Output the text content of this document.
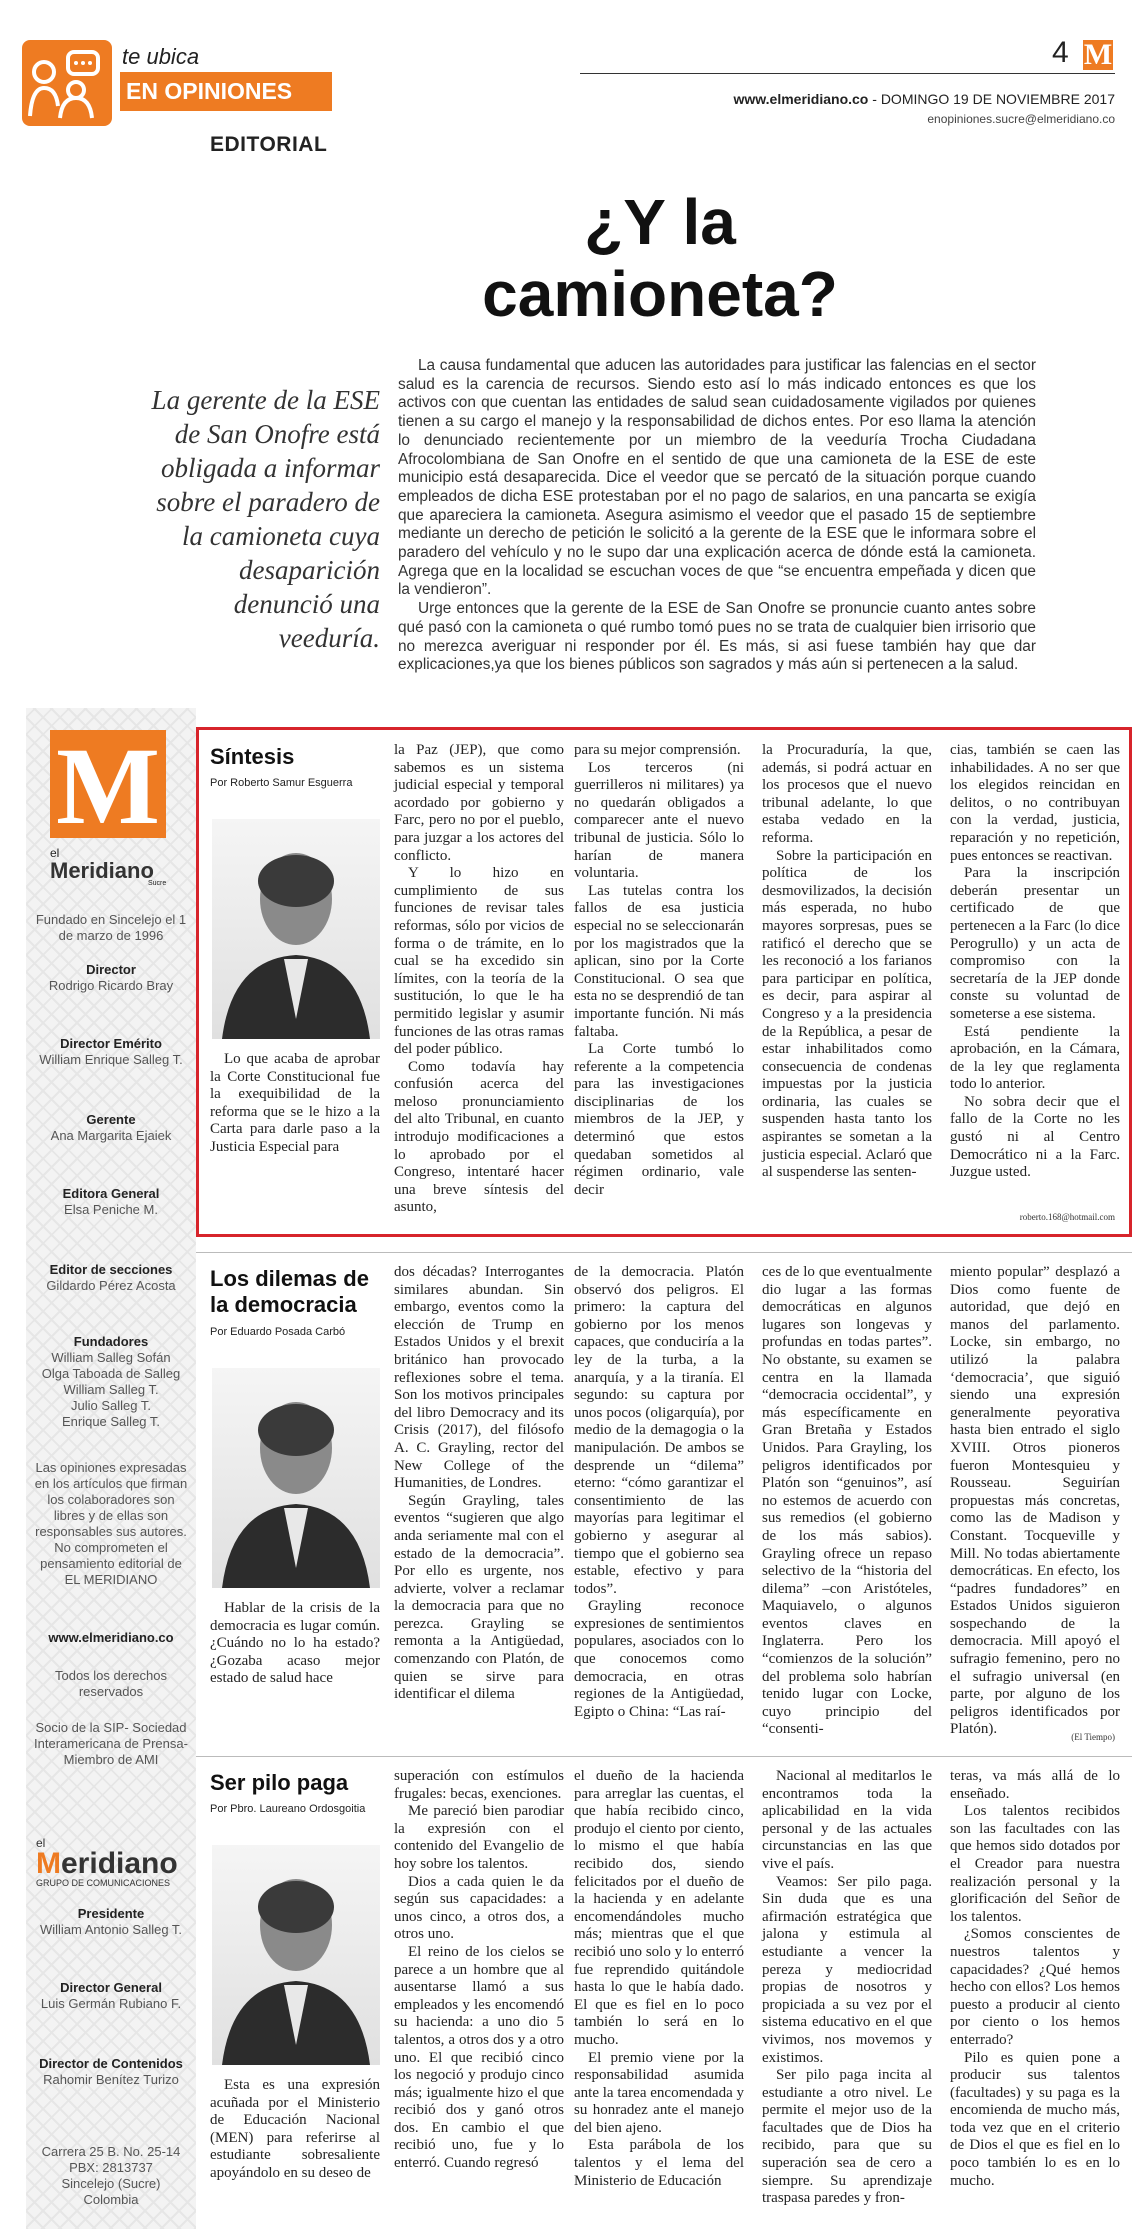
te ubica
EN OPINIONES
EDITORIAL
4 M
www.elmeridiano.co - DOMINGO 19 DE NOVIEMBRE 2017
enopiniones.sucre@elmeridiano.co
¿Y la
camioneta?
La gerente de la ESE de San Onofre está obligada a informar sobre el paradero de la camioneta cuya desaparición denunció una veeduría.

La causa fundamental que aducen las autoridades para justificar las falencias en el sector salud es la carencia de recursos. Siendo esto así lo más indicado entonces es que los activos con que cuentan las entidades de salud sean cuidadosamente vigilados por quienes tienen a su cargo el manejo y la responsabilidad de dichos entes. Por eso llama la atención lo denunciado recientemente por un miembro de la veeduría Trocha Ciudadana Afrocolombiana de San Onofre en el sentido de que una camioneta de la ESE de este municipio está desaparecida. Dice el veedor que se percató de la situación porque cuando empleados de dicha ESE protestaban por el no pago de salarios, en una pancarta se exigía que apareciera la camioneta. Asegura asimismo el veedor que el pasado 15 de septiembre mediante un derecho de petición le solicitó a la gerente de la ESE que le informara sobre el paradero del vehículo y no le supo dar una explicación acerca de dónde está la camioneta. Agrega que en la localidad se escuchan voces de que “se encuentra empeñada y dicen que la vendieron”.

Urge entonces que la gerente de la ESE de San Onofre se pronuncie cuanto antes sobre qué pasó con la camioneta o qué rumbo tomó pues no se trata de cualquier bien irrisorio que no merezca averiguar ni responder por él. Es más, si asi fuese también hay que dar explicaciones,ya que los bienes públicos son sagrados y más aún si pertenecen a la salud.

M
el
Meridiano
Sucre
Fundado en Sincelejo el 1 de marzo de 1996
Director
Rodrigo Ricardo Bray
Director Emérito
William Enrique Salleg T.
Gerente
Ana Margarita Ejaiek
Editora General
Elsa Peniche M.
Editor de secciones
Gildardo Pérez Acosta
Fundadores
William Salleg Sofán
Olga Taboada de Salleg
William Salleg T.
Julio Salleg T.
Enrique Salleg T.
Las opiniones expresadas en los artículos que firman los colaboradores son libres y de ellas son responsables sus autores. No comprometen el pensamiento editorial de EL MERIDIANO
www.elmeridiano.co
Todos los derechos reservados
Socio de la SIP- Sociedad Interamericana de Prensa- Miembro de AMI
el
Meridiano
GRUPO DE COMUNICACIONES
Presidente
William Antonio Salleg T.
Director General
Luis Germán Rubiano F.
Director de Contenidos
Rahomir Benítez Turizo
Carrera 25 B. No. 25-14
PBX: 2813737
Sincelejo (Sucre)
Colombia
Síntesis
Por Roberto Samur Esguerra

Lo que acaba de aprobar la Corte Constitucional fue la exequibilidad de la reforma que se le hizo a la Carta para darle paso a la Justicia Especial para

la Paz (JEP), que como sabemos es un sistema judicial especial y temporal acordado por gobierno y Farc, pero no por el pueblo, para juzgar a los actores del conflicto.

Y lo hizo en cumplimiento de sus funciones de revisar tales reformas, sólo por vicios de forma o de trámite, en lo cual se ha excedido sin límites, con la teoría de la sustitución, lo que le ha permitido legislar y asumir funciones de las otras ramas del poder público.

Como todavía hay confusión acerca del meloso pronunciamiento del alto Tribunal, en cuanto introdujo modificaciones a lo aprobado por el Congreso, intentaré hacer una breve síntesis del asunto,

para su mejor comprensión.

Los terceros (ni guerrilleros ni militares) ya no quedarán obligados a comparecer ante el nuevo tribunal de justicia. Sólo lo harían de manera voluntaria.

Las tutelas contra los fallos de esa justicia especial no se seleccionarán por los magistrados que la aplican, sino por la Corte Constitucional. O sea que esta no se desprendió de tan importante función. Ni más faltaba.

La Corte tumbó lo referente a la competencia para las investigaciones disciplinarias de los miembros de la JEP, y determinó que estos quedaban sometidos al régimen ordinario, vale decir

la Procuraduría, la que, además, si podrá actuar en los procesos que el nuevo tribunal adelante, lo que estaba vedado en la reforma.

Sobre la participación en política de los desmovilizados, la decisión más esperada, no hubo mayores sorpresas, pues se ratificó el derecho que se les reconoció a los farianos para participar en política, es decir, para aspirar al Congreso y a la presidencia de la República, a pesar de estar inhabilitados como consecuencia de condenas impuestas por la justicia ordinaria, las cuales se suspenden hasta tanto los aspirantes se sometan a la justicia especial. Aclaró que al suspenderse las senten-

cias, también se caen las inhabilidades. A no ser que los elegidos reincidan en delitos, o no contribuyan con la verdad, justicia, reparación y no repetición, pues entonces se reactivan.

Para la inscripción deberán presentar un certificado de que pertenecen a la Farc (lo dice Perogrullo) y un acta de compromiso con la secretaría de la JEP donde conste su voluntad de someterse a ese sistema.

Está pendiente la aprobación, en la Cámara, de la ley que reglamenta todo lo anterior.

No sobra decir que el fallo de la Corte no les gustó ni al Centro Democrático ni a la Farc. Juzgue usted.

roberto.168@hotmail.com
Los dilemas de la democracia
Por Eduardo Posada Carbó

Hablar de la crisis de la democracia es lugar común. ¿Cuándo no lo ha estado? ¿Gozaba acaso mejor estado de salud hace

dos décadas? Interrogantes similares abundan. Sin embargo, eventos como la elección de Trump en Estados Unidos y el brexit británico han provocado reflexiones sobre el tema. Son los motivos principales del libro Democracy and its Crisis (2017), del filósofo A. C. Grayling, rector del New College of the Humanities, de Londres.

Según Grayling, tales eventos “sugieren que algo anda seriamente mal con el estado de la democracia”. Por ello es urgente, nos advierte, volver a reclamar la democracia para que no perezca. Grayling se remonta a la Antigüedad, comenzando con Platón, de quien se sirve para identificar el dilema

de la democracia. Platón observó dos peligros. El primero: la captura del gobierno por los menos capaces, que conduciría a la ley de la turba, a la anarquía, y a la tiranía. El segundo: su captura por unos pocos (oligarquía), por medio de la demagogia o la manipulación. De ambos se desprende un “dilema” eterno: “cómo garantizar el consentimiento de las mayorías para legitimar el gobierno y asegurar al tiempo que el gobierno sea estable, efectivo y para todos”.

Grayling reconoce expresiones de sentimientos populares, asociados con lo que conocemos como democracia, en otras regiones de la Antigüedad, Egipto o China: “Las raí-

ces de lo que eventualmente dio lugar a las formas democráticas en algunos lugares son longevas y profundas en todas partes”. No obstante, su examen se centra en la llamada “democracia occidental”, y más específicamente en Gran Bretaña y Estados Unidos. Para Grayling, los peligros identificados por Platón son “genuinos”, así no estemos de acuerdo con sus remedios (el gobierno de los más sabios). Grayling ofrece un repaso selectivo de la “historia del dilema” –con Aristóteles, Maquiavelo, o algunos eventos claves en Inglaterra. Pero los “comienzos de la solución” del problema solo habrían tenido lugar con Locke, cuyo principio del “consenti-

miento popular” desplazó a Dios como fuente de autoridad, que dejó en manos del parlamento. Locke, sin embargo, no utilizó la palabra ‘democracia’, que siguió siendo una expresión generalmente peyorativa hasta bien entrado el siglo XVIII. Otros pioneros fueron Montesquieu y Rousseau. Seguirían propuestas más concretas, como las de Madison y Constant. Tocqueville y Mill. No todas abiertamente democráticas. En efecto, los “padres fundadores” en Estados Unidos siguieron sospechando de la democracia. Mill apoyó el sufragio femenino, pero no el sufragio universal (en parte, por alguno de los peligros identificados por Platón).	(El Tiempo)
Ser pilo paga
Por Pbro. Laureano Ordosgoitia

Esta es una expresión acuñada por el Ministerio de Educación Nacional (MEN) para referirse al estudiante sobresaliente apoyándolo en su deseo de

superación con estímulos frugales: becas, exenciones.

Me pareció bien parodiar la expresión con el contenido del Evangelio de hoy sobre los talentos.

Dios a cada quien le da según sus capacidades: a unos cinco, a otros dos, a otros uno.

El reino de los cielos se parece a un hombre que al ausentarse llamó a sus empleados y les encomendó su hacienda: a uno dio 5 talentos, a otros dos y a otro uno. El que recibió cinco los negoció y produjo cinco más; igualmente hizo el que recibió dos y ganó otros dos. En cambio el que recibió uno, fue y lo enterró. Cuando regresó

el dueño de la hacienda para arreglar las cuentas, el que había recibido cinco, produjo el ciento por ciento, lo mismo el que había recibido dos, siendo felicitados por el dueño de la hacienda y en adelante encomendándoles mucho más; mientras que el que recibió uno solo y lo enterró fue reprendido quitándole hasta lo que le había dado. El que es fiel en lo poco también lo será en lo mucho.

El premio viene por la responsabilidad asumida ante la tarea encomendada y su honradez ante el manejo del bien ajeno.

Esta parábola de los talentos y el lema del Ministerio de Educación

Nacional al meditarlos le encontramos toda la aplicabilidad en la vida personal y de las actuales circunstancias en las que vive el país.

Veamos: Ser pilo paga. Sin duda que es una afirmación estratégica que jalona y estimula al estudiante a vencer la pereza y mediocridad propias de nosotros y propiciada a su vez por el sistema educativo en el que vivimos, nos movemos y existimos.

Ser pilo paga incita al estudiante a otro nivel. Le permite el mejor uso de la facultades que de Dios ha recibido, para que su superación sea de cero a siempre. Su aprendizaje traspasa paredes y fron-

teras, va más allá de lo enseñado.

Los talentos recibidos son las facultades con las que hemos sido dotados por el Creador para nuestra realización personal y la glorificación del Señor de los talentos.

¿Somos conscientes de nuestros talentos y capacidades? ¿Qué hemos hecho con ellos? Los hemos puesto a producir al ciento por ciento o los hemos enterrado?

Pilo es quien pone a producir sus talentos (facultades) y su paga es la encomienda de mucho más, toda vez que en el criterio de Dios el que es fiel en lo poco también lo es en lo mucho.
